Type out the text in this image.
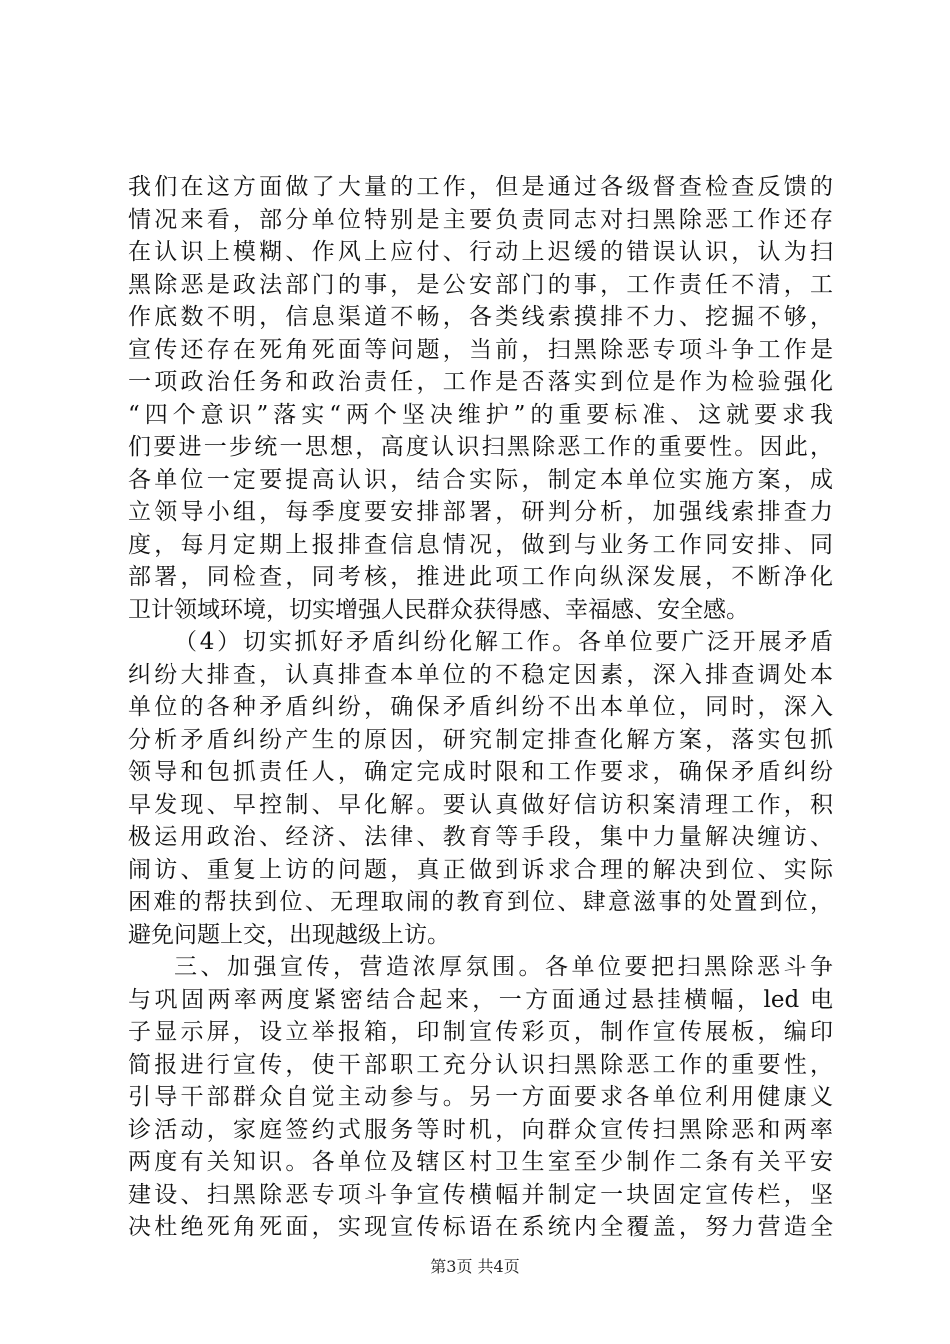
我们在这方面做了大量的工作，但是通过各级督查检查反馈的
情况来看，部分单位特别是主要负责同志对扫黑除恶工作还存
在认识上模糊、作风上应付、行动上迟缓的错误认识，认为扫
黑除恶是政法部门的事，是公安部门的事，工作责任不清，工
作底数不明，信息渠道不畅，各类线索摸排不力、挖掘不够，
宣传还存在死角死面等问题，当前，扫黑除恶专项斗争工作是
一项政治任务和政治责任，工作是否落实到位是作为检验强化
“四个意识”落实“两个坚决维护”的重要标准、这就要求我
们要进一步统一思想，高度认识扫黑除恶工作的重要性。因此，
各单位一定要提高认识，结合实际，制定本单位实施方案，成
立领导小组，每季度要安排部署，研判分析，加强线索排查力
度，每月定期上报排查信息情况，做到与业务工作同安排、同
部署，同检查，同考核，推进此项工作向纵深发展，不断净化
卫计领域环境，切实增强人民群众获得感、幸福感、安全感。
（4）切实抓好矛盾纠纷化解工作。各单位要广泛开展矛盾
纠纷大排查，认真排查本单位的不稳定因素，深入排查调处本
单位的各种矛盾纠纷，确保矛盾纠纷不出本单位，同时，深入
分析矛盾纠纷产生的原因，研究制定排查化解方案，落实包抓
领导和包抓责任人，确定完成时限和工作要求，确保矛盾纠纷
早发现、早控制、早化解。要认真做好信访积案清理工作，积
极运用政治、经济、法律、教育等手段，集中力量解决缠访、
闹访、重复上访的问题，真正做到诉求合理的解决到位、实际
困难的帮扶到位、无理取闹的教育到位、肆意滋事的处置到位，
避免问题上交，出现越级上访。
三、加强宣传，营造浓厚氛围。各单位要把扫黑除恶斗争
与巩固两率两度紧密结合起来，一方面通过悬挂横幅，led 电
子显示屏，设立举报箱，印制宣传彩页，制作宣传展板，编印
简报进行宣传，使干部职工充分认识扫黑除恶工作的重要性，
引导干部群众自觉主动参与。另一方面要求各单位利用健康义
诊活动，家庭签约式服务等时机，向群众宣传扫黑除恶和两率
两度有关知识。各单位及辖区村卫生室至少制作二条有关平安
建设、扫黑除恶专项斗争宣传横幅并制定一块固定宣传栏，坚
决杜绝死角死面，实现宣传标语在系统内全覆盖，努力营造全
第3页 共4页
